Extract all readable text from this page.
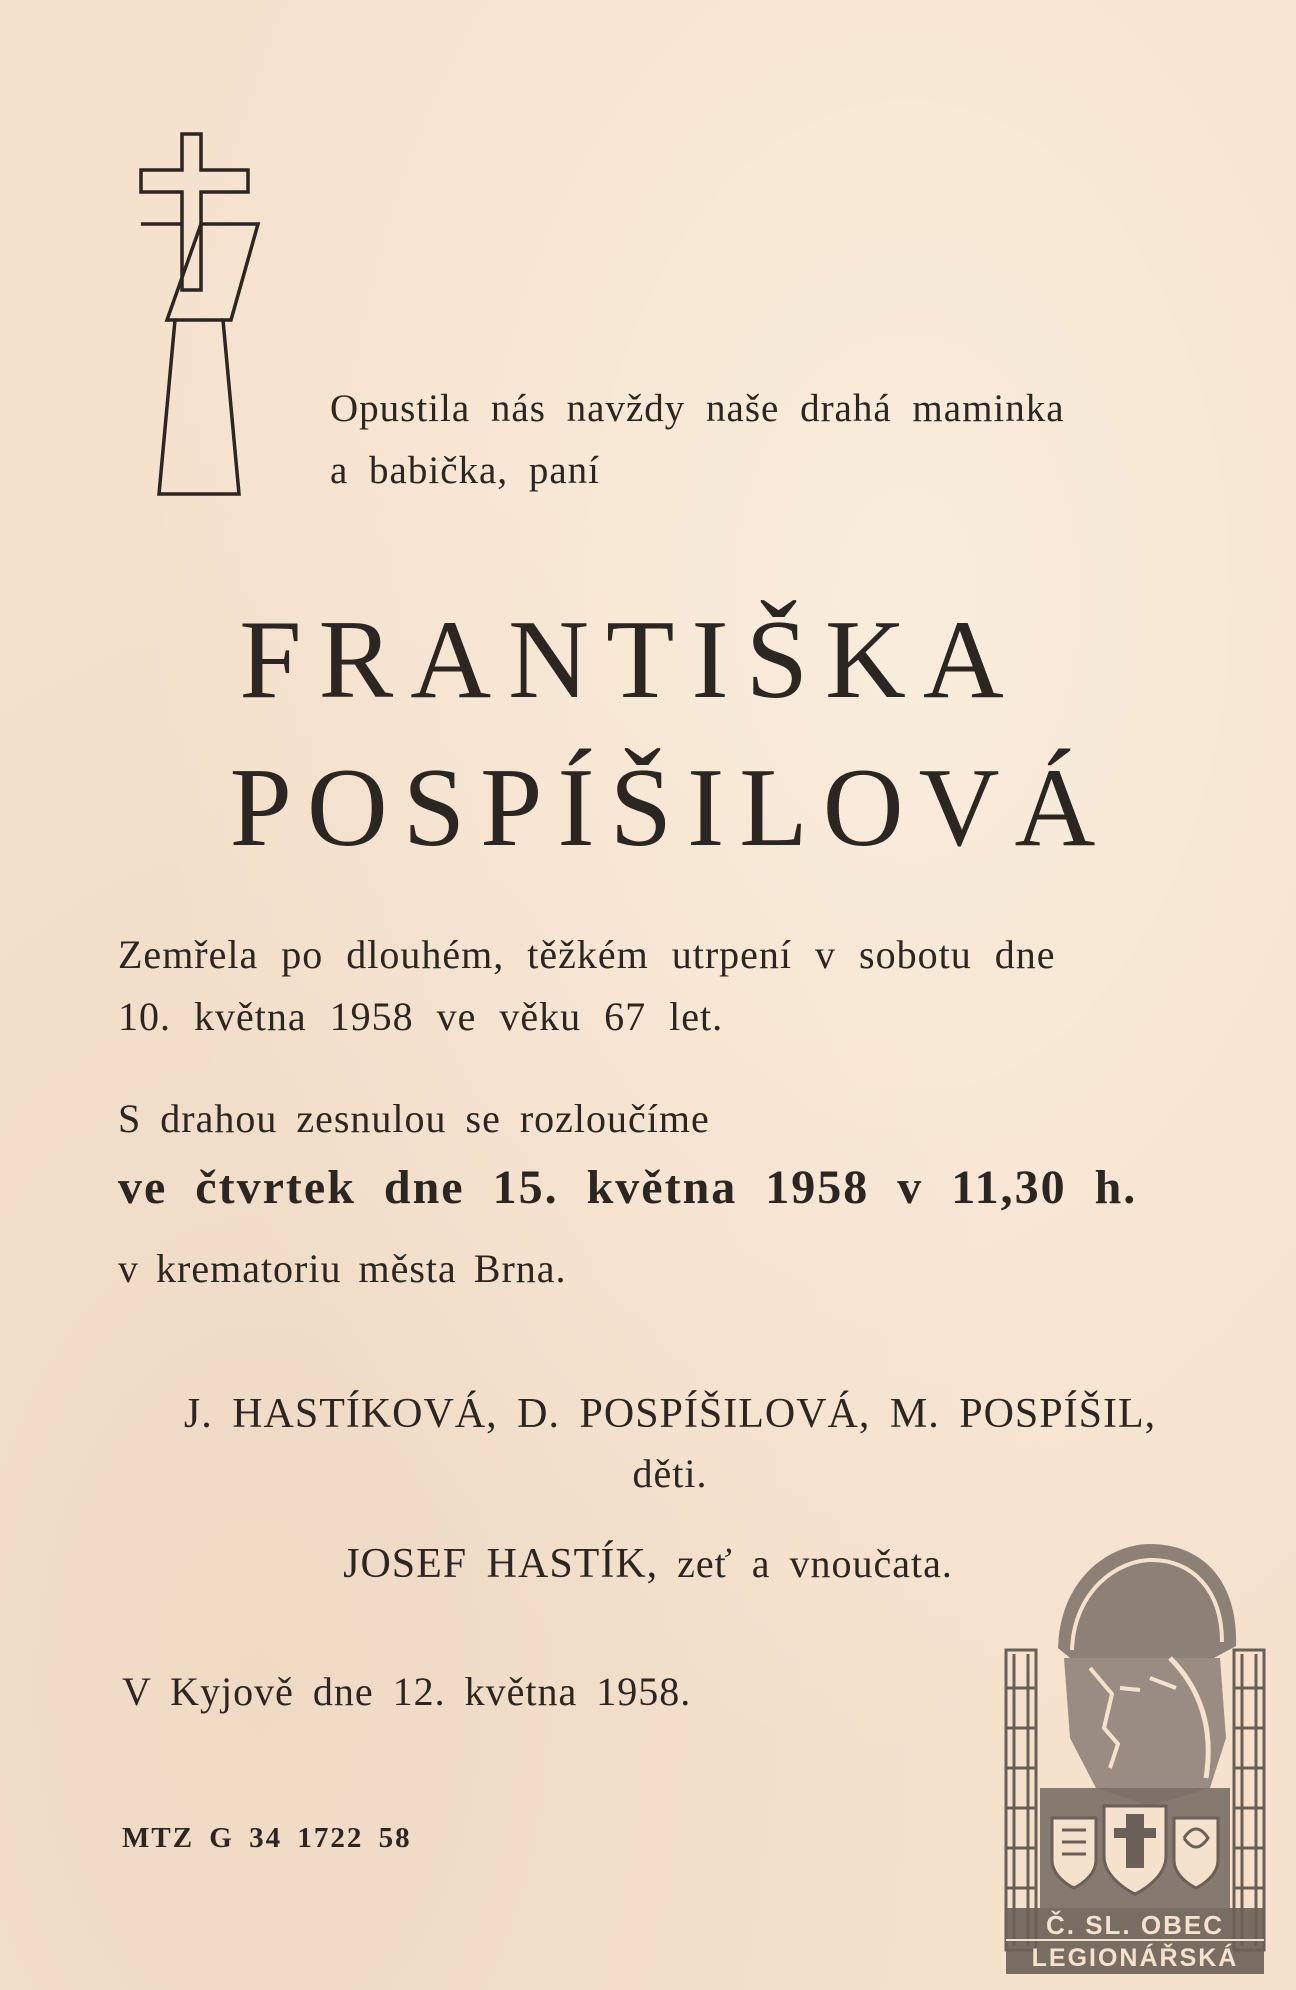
Opustila nás navždy naše drahá maminka
a babička, paní
FRANTIŠKA
POSPÍŠILOVÁ
Zemřela po dlouhém, těžkém utrpení v sobotu dne
10. května 1958 ve věku 67 let.
S drahou zesnulou se rozloučíme
ve čtvrtek dne 15. května 1958 v 11,30 h.
v krematoriu města Brna.
J. HASTÍKOVÁ, D. POSPÍŠILOVÁ, M. POSPÍŠIL,
děti.
JOSEF HASTÍK, zeť a vnoučata.
V Kyjově dne 12. května 1958.
MTZ G 34 1722 58
Č. SL. OBEC
LEGIONÁŘSKÁ
